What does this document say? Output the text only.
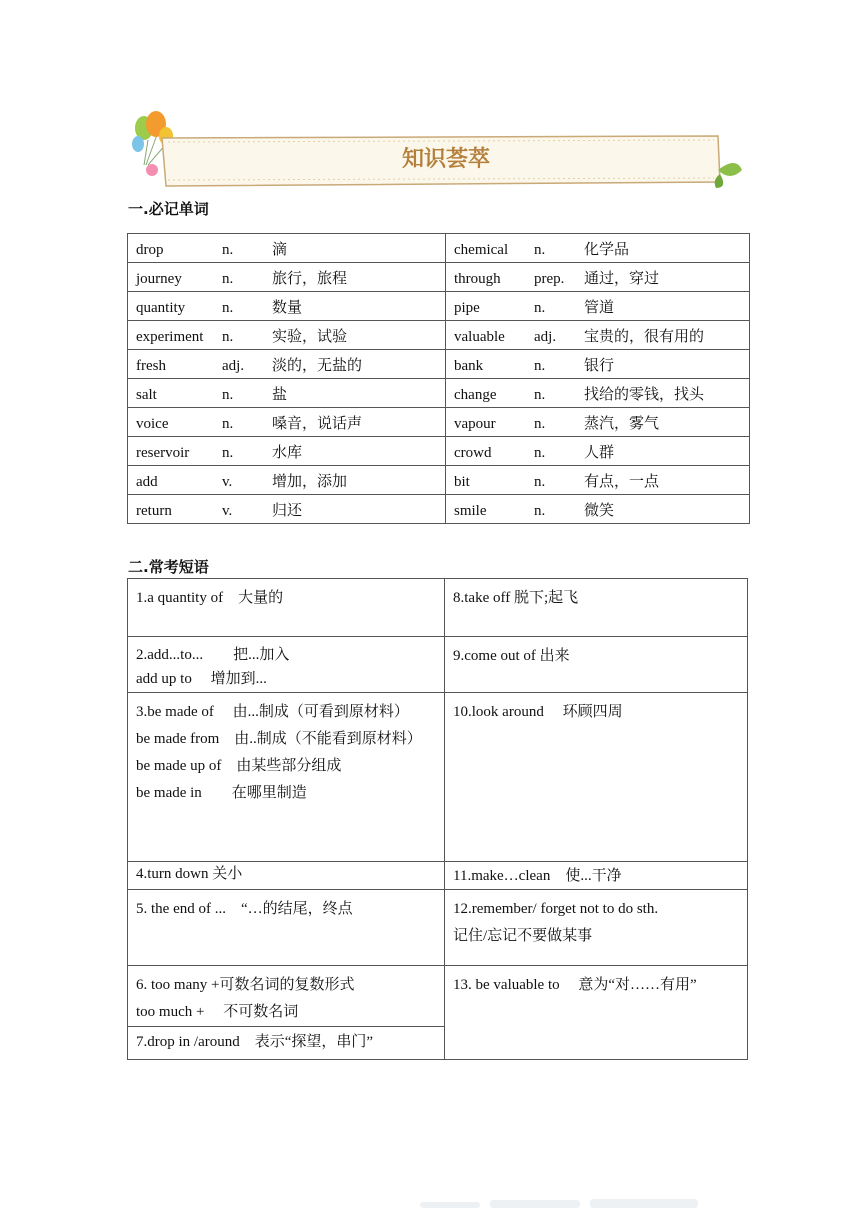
知识荟萃
一.必记单词
drop n. 滴	chemical n. 化学品
journey n. 旅行，旅程	through prep. 通过，穿过
quantity n. 数量	pipe n. 管道
experiment n. 实验，试验	valuable adj. 宝贵的，很有用的
fresh adj. 淡的，无盐的	bank n. 银行
salt n. 盐	change n. 找给的零钱，找头
voice n. 嗓音，说话声	vapour n. 蒸汽，雾气
reservoir n. 水库	crowd n. 人群
add v. 增加，添加	bit n. 有点，一点
return v. 归还	smile n. 微笑
二.常考短语
1.a quantity of　大量的	8.take off 脱下;起飞

2.add...to...　　把...加入
add up to　 增加到...	9.come out of 出来

3.be made of　 由...制成（可看到原材料）
be made from　由..制成（不能看到原材料）
be made up of　由某些部分组成
be made in　　在哪里制造	10.look around　 环顾四周

4.turn down 关小	11.make…clean　使...干净

5. the end of ...　“…的结尾，终点	12.remember/ forget not to do sth.
记住/忘记不要做某事

6. too many +可数名词的复数形式
too much +　 不可数名词	13. be valuable to　 意为“对……有用”

7.drop in /around　表示“探望，串门”	
